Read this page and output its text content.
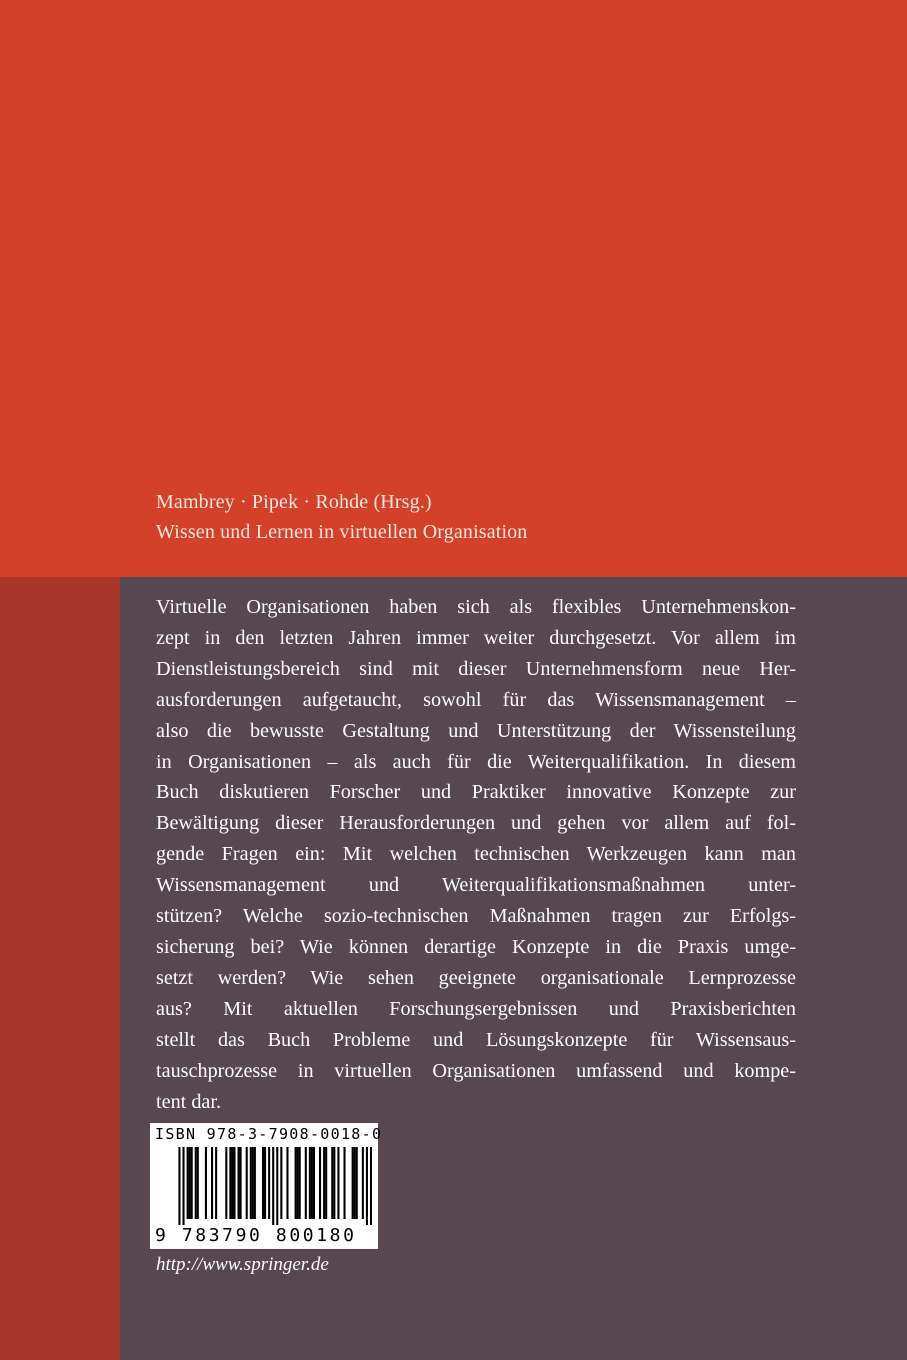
Mambrey · Pipek · Rohde (Hrsg.)
Wissen und Lernen in virtuellen Organisation
Virtuelle Organisationen haben sich als flexibles Unternehmenskon-
zept in den letzten Jahren immer weiter durchgesetzt. Vor allem im
Dienstleistungsbereich sind mit dieser Unternehmensform neue Her-
ausforderungen aufgetaucht, sowohl für das Wissensmanagement –
also die bewusste Gestaltung und Unterstützung der Wissensteilung
in Organisationen – als auch für die Weiterqualifikation. In diesem
Buch diskutieren Forscher und Praktiker innovative Konzepte zur
Bewältigung dieser Herausforderungen und gehen vor allem auf fol-
gende Fragen ein: Mit welchen technischen Werkzeugen kann man
Wissensmanagement und Weiterqualifikationsmaßnahmen unter-
stützen? Welche sozio-technischen Maßnahmen tragen zur Erfolgs-
sicherung bei? Wie können derartige Konzepte in die Praxis umge-
setzt werden? Wie sehen geeignete organisationale Lernprozesse
aus? Mit aktuellen Forschungsergebnissen und Praxisberichten
stellt das Buch Probleme und Lösungskonzepte für Wissensaus-
tauschprozesse in virtuellen Organisationen umfassend und kompe-
tent dar.
ISBN 978-3-7908-0018-0
9 783790 800180
http://www.springer.de
